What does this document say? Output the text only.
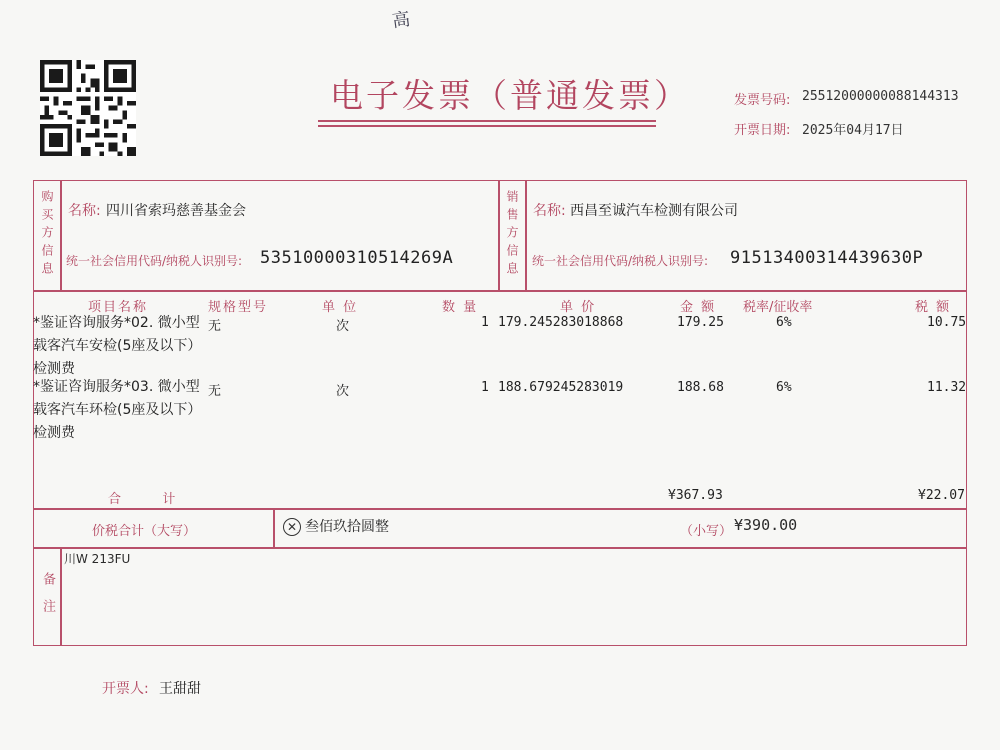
高
电子发票（普通发票）	发票号码: 25512000000088144313
开票日期: 2025年04月17日
购买方信息 名称: 四川省索玛慈善基金会
统一社会信用代码/纳税人识别号: 53510000310514269A	销售方信息 名称: 西昌至诚汽车检测有限公司
统一社会信用代码/纳税人识别号: 91513400314439630P
项目名称	规格型号	单 位	数 量	单 价	金 额 税率/征收率	税 额
*鉴证咨询服务*02. 微小型载客汽车安检(5座及以下）检测费
无	次	1 179.245283018868	179.25	6%	10.75
*鉴证咨询服务*03. 微小型载客汽车环检(5座及以下）检测费
无	次	1 188.679245283019	188.68	6%	11.32
合          计	¥367.93	¥22.07
价税合计（大写）	✕ 叁佰玖拾圆整	（小写） ¥390.00
备注
川W 213FU
开票人: 王甜甜
